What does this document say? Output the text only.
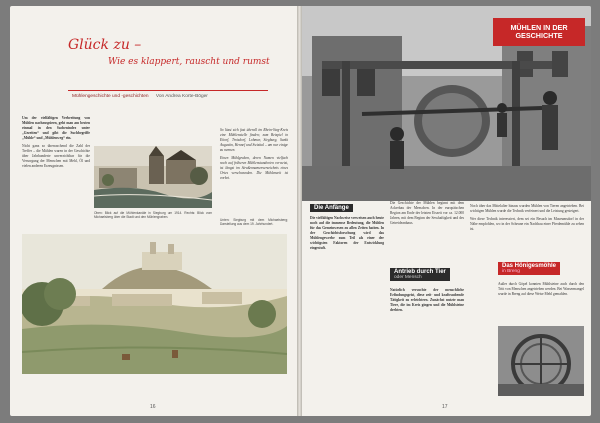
Glück zu –
Wie es klappert, rauscht und rumst
Mühlengeschichte und -geschichten Von Andrea Korte-Böger

Um der vielfältigen Verbreitung von Mühlen nachzuspüren, geht man am besten einmal in den Sachenindex unter „Gezeiten“ und gibt die Suchbegriffe „Mühle“ und „Mühlenweg“ ein.

Nicht ganz so überraschend die Zahl der Treffer – die Mühlen waren in der Geschichte über Jahrhunderte unverzichtbar für die Versorgung der Menschen mit Mehl, Öl und vielen anderen Erzeugnissen.

So lässt sich fast überall im Rhein-Sieg-Kreis eine Mühlenstelle finden; zum Beispiel in Eitorf, Troisdorf, Lohmar, Siegburg, Sankt Augustin, Hennef und Swisttal – um nur einige zu nennen.

Einen Mühlgraben, deren Namen vielfach noch auf früheren Mühlenstandorten verweist, ist längst im Straßennamenverzeichnis eines Ortes verschwunden. Die Mühlenzeit ist vorbei.

Oben: Blick auf die Mühlenkanäle in Siegburg um 1914. Rechts: Blick vom Michaelsberg über die Stadt und den Mühlengraben.
Unten: Siegburg mit dem Michaelsberg; Darstellung aus dem 19. Jahrhundert.
16
MÜHLEN IN DER GESCHICHTE
Die Anfänge

Die vielfältigen Nachweise verweisen auch heute noch auf die immense Bedeutung, die Mühlen für das Gemeinwesen zu allen Zeiten hatten. In der Geschichtsforschung wird das Mühlengewerbe zum Teil als einer der wichtigsten Faktoren der Entwicklung eingestuft.

Die Geschichte der Mühlen beginnt mit dem Ackerbau der Menschen. In der europäischen Region am Ende der letzten Eiszeit vor ca. 12.000 Jahren, mit dem Beginn der Sesshaftigkeit und des Getreideanbaus.

Antrieb durch Tier
oder Mensch

Natürlich versuchte der menschliche Erfindungsgeist, diese zeit- und kraftraubende Tätigkeit zu erleichtern. Zunächst nutzte man Tiere, die im Kreis gingen und die Mühlsteine drehten.

Noch über das Mittelalter hinaus wurden Mühlen von Tieren angetrieben. Bei wichtigen Mühlen wurde die Technik verfeinert und die Leistung gesteigert.

Wer diese Technik interessiert, dem sei ein Besuch im Museumsdorf in der Nähe empfohlen, wo in der Scheune ein Nachbau einer Pferdemühle zu sehen ist.

Das Hönigesmöhle
in Breng

Außer durch Göpel konnten Mühlsteine auch durch den Tritt von Menschen angetrieben werden. Bei Wassermangel wurde in Breng auf diese Weise Mehl gemahlen.

17
